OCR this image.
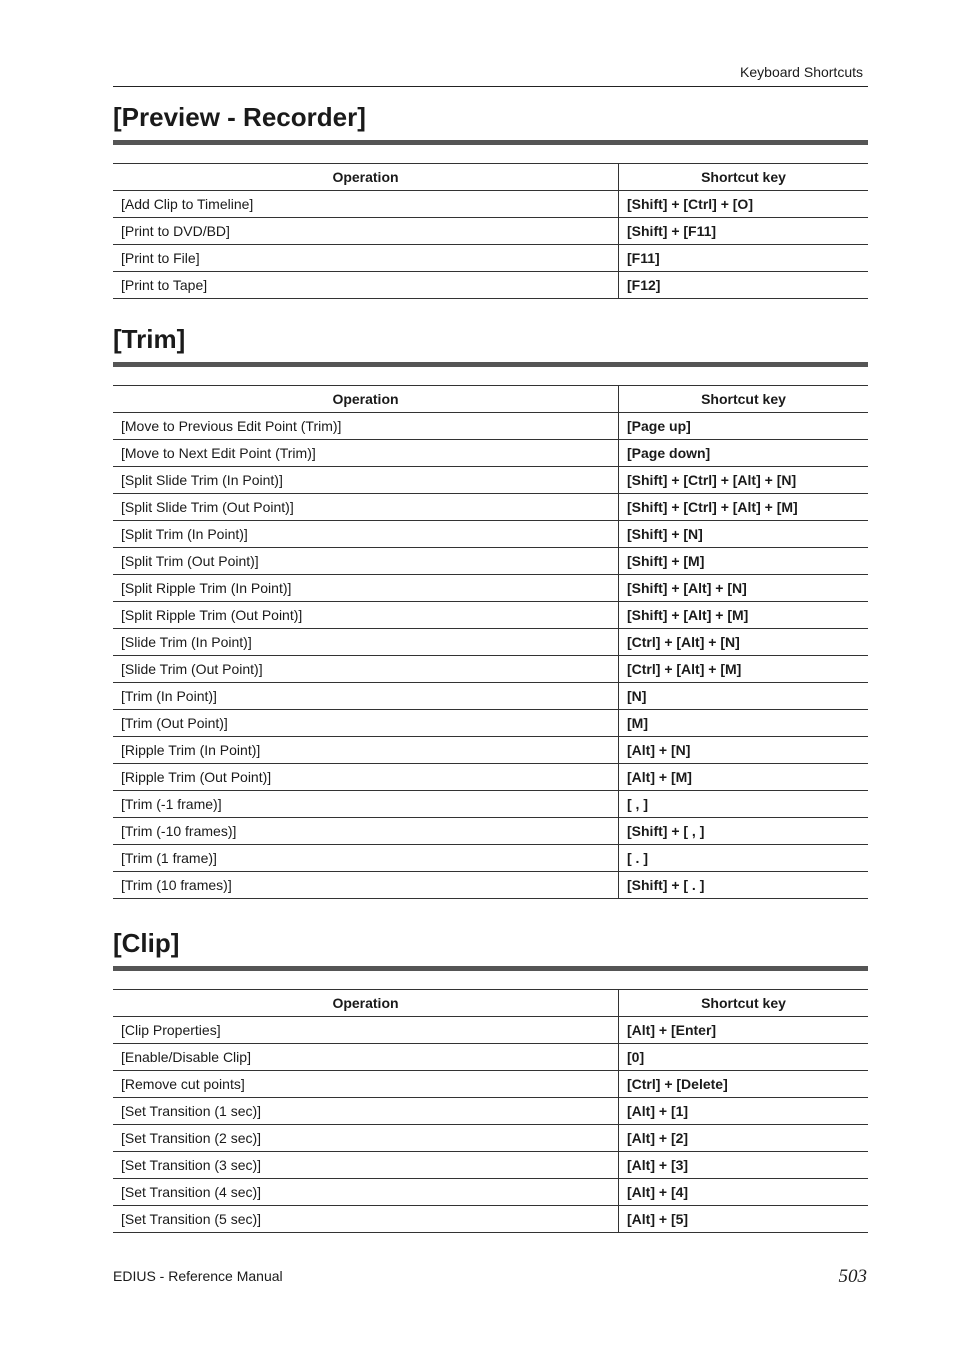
Keyboard Shortcuts
[Preview - Recorder]
Operation	Shortcut key
[Add Clip to Timeline]	[Shift] + [Ctrl] + [O]
[Print to DVD/BD]	[Shift] + [F11]
[Print to File]	[F11]
[Print to Tape]	[F12]
[Trim]
Operation	Shortcut key
[Move to Previous Edit Point (Trim)]	[Page up]
[Move to Next Edit Point (Trim)]	[Page down]
[Split Slide Trim (In Point)]	[Shift] + [Ctrl] + [Alt] + [N]
[Split Slide Trim (Out Point)]	[Shift] + [Ctrl] + [Alt] + [M]
[Split Trim (In Point)]	[Shift] + [N]
[Split Trim (Out Point)]	[Shift] + [M]
[Split Ripple Trim (In Point)]	[Shift] + [Alt] + [N]
[Split Ripple Trim (Out Point)]	[Shift] + [Alt] + [M]
[Slide Trim (In Point)]	[Ctrl] + [Alt] + [N]
[Slide Trim (Out Point)]	[Ctrl] + [Alt] + [M]
[Trim (In Point)]	[N]
[Trim (Out Point)]	[M]
[Ripple Trim (In Point)]	[Alt] + [N]
[Ripple Trim (Out Point)]	[Alt] + [M]
[Trim (-1 frame)]	[ , ]
[Trim (-10 frames)]	[Shift] + [ , ]
[Trim (1 frame)]	[ . ]
[Trim (10 frames)]	[Shift] + [ . ]
[Clip]
Operation	Shortcut key
[Clip Properties]	[Alt] + [Enter]
[Enable/Disable Clip]	[0]
[Remove cut points]	[Ctrl] + [Delete]
[Set Transition (1 sec)]	[Alt] + [1]
[Set Transition (2 sec)]	[Alt] + [2]
[Set Transition (3 sec)]	[Alt] + [3]
[Set Transition (4 sec)]	[Alt] + [4]
[Set Transition (5 sec)]	[Alt] + [5]
EDIUS - Reference Manual	503
